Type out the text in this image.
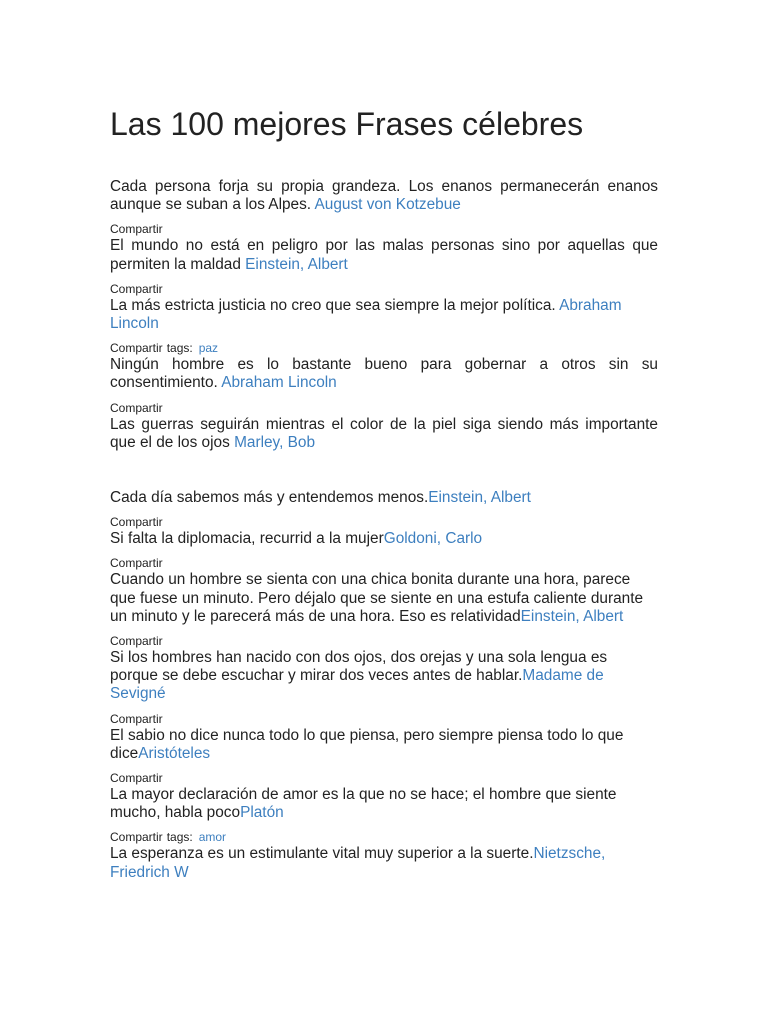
Las 100 mejores Frases célebres

Cada persona forja su propia grandeza. Los enanos permanecerán enanos aunque se suban a los Alpes. August von Kotzebue

Compartir

El mundo no está en peligro por las malas personas sino por aquellas que permiten la maldad Einstein, Albert

Compartir

La más estricta justicia no creo que sea siempre la mejor política. Abraham Lincoln

Compartir tags: paz

Ningún hombre es lo bastante bueno para gobernar a otros sin su consentimiento. Abraham Lincoln

Compartir

Las guerras seguirán mientras el color de la piel siga siendo más importante que el de los ojos Marley, Bob

Cada día sabemos más y entendemos menos.Einstein, Albert

Compartir

Si falta la diplomacia, recurrid a la mujerGoldoni, Carlo

Compartir

Cuando un hombre se sienta con una chica bonita durante una hora, parece que fuese un minuto. Pero déjalo que se siente en una estufa caliente durante un minuto y le parecerá más de una hora. Eso es relatividadEinstein, Albert

Compartir

Si los hombres han nacido con dos ojos, dos orejas y una sola lengua es porque se debe escuchar y mirar dos veces antes de hablar.Madame de Sevigné

Compartir

El sabio no dice nunca todo lo que piensa, pero siempre piensa todo lo que diceAristóteles

Compartir

La mayor declaración de amor es la que no se hace; el hombre que siente mucho, habla pocoPlatón

Compartir tags: amor

La esperanza es un estimulante vital muy superior a la suerte.Nietzsche, Friedrich W
